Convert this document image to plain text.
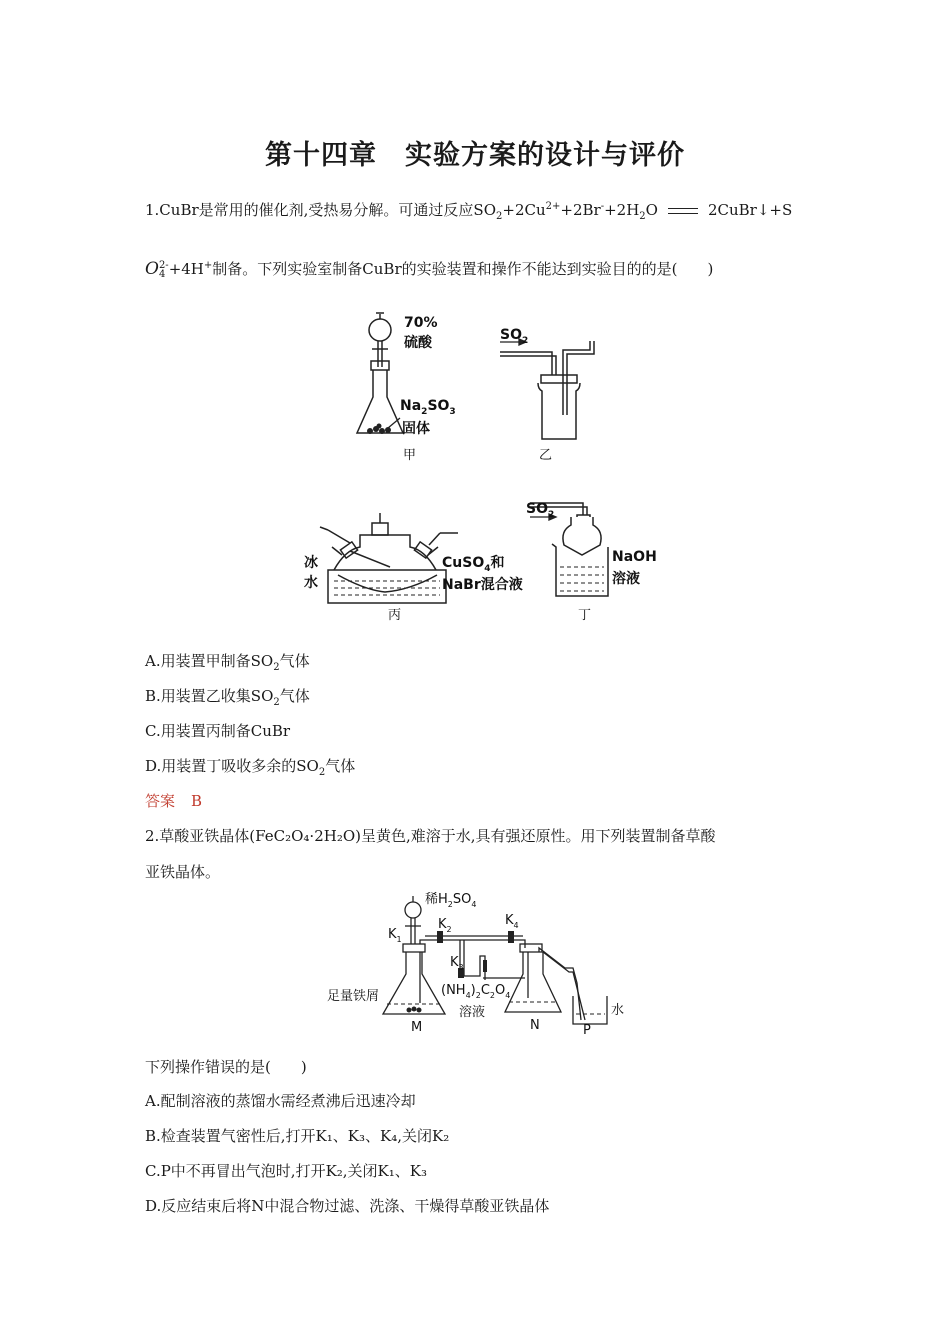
第十四章　实验方案的设计与评价
1.CuBr是常用的催化剂,受热易分解。可通过反应$SO_2+2Cu^{2+}+2Br^-+2H_2O$	2CuBr↓+S
O2-
4 +4H+制备。下列实验室制备CuBr的实验装置和操作不能达到实验目的的是(　　)
70%
硫酸
$Na_2SO_3$
固体
$SO_2$
冰
水
CuSO$_4$和
NaBr混合液
$SO_2$
NaOH
溶液
甲	乙
丙	丁
A.用装置甲制备$SO_2$气体
B.用装置乙收集$SO_2$气体
C.用装置丙制备CuBr
D.用装置丁吸收多余的$SO_2$气体
答案 B
2.草酸亚铁晶体(FeC₂O₄·2H₂O)呈黄色,难溶于水,具有强还原性。用下列装置制备草酸
亚铁晶体。
稀$H_2SO_4$
$K_1$
$K_2$
$K_4$
$K_3$
足量铁屑	$(NH_4)_2C_2O_4$
溶液
M	N	P
水
下列操作错误的是(　　)
A.配制溶液的蒸馏水需经煮沸后迅速冷却
B.检查装置气密性后,打开K₁、K₃、K₄,关闭K₂
C.P中不再冒出气泡时,打开K₂,关闭K₁、K₃
D.反应结束后将N中混合物过滤、洗涤、干燥得草酸亚铁晶体
